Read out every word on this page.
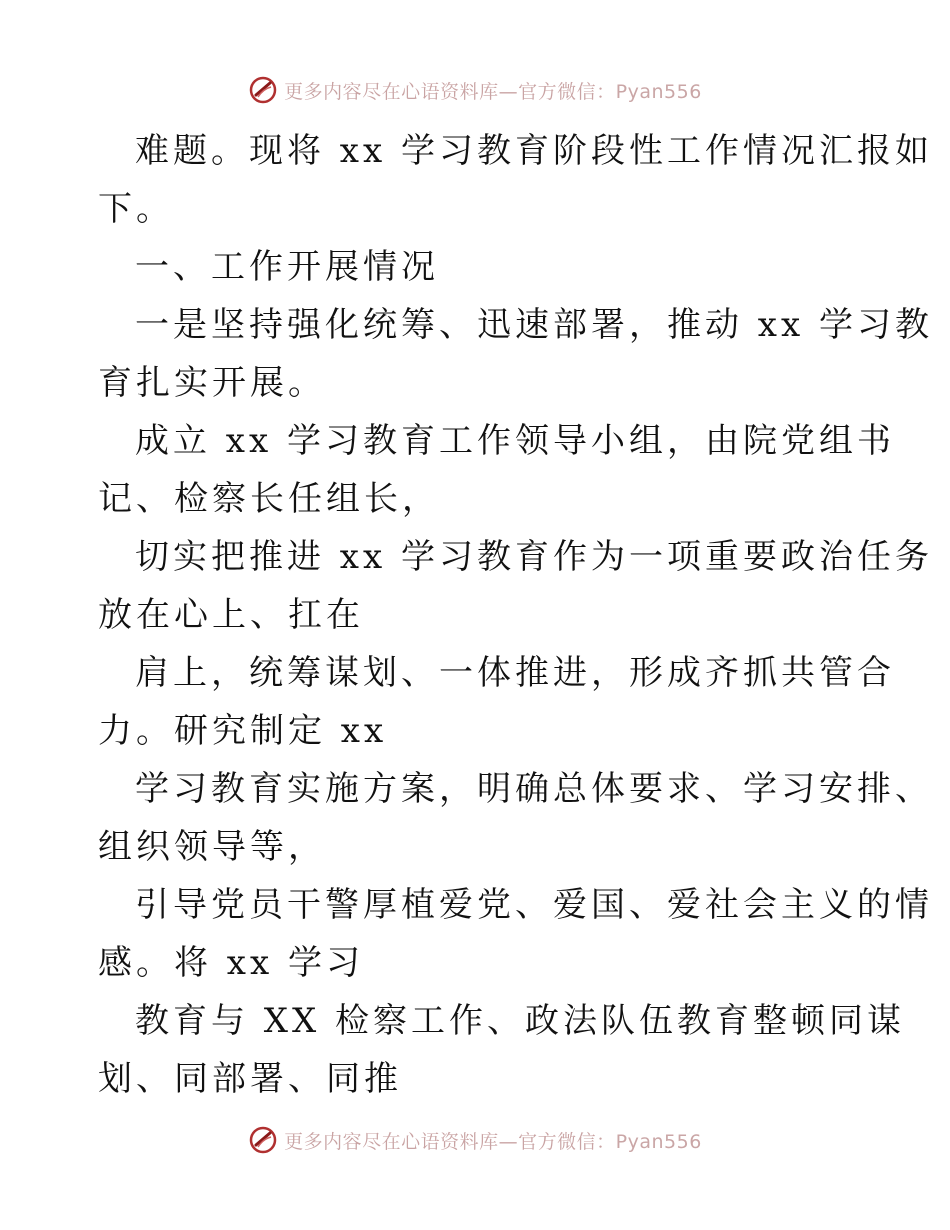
更多内容尽在心语资料库—官方微信：Pyan556
难题。现将 xx 学习教育阶段性工作情况汇报如
下。
一、工作开展情况
一是坚持强化统筹、迅速部署，推动 xx 学习教
育扎实开展。
成立 xx 学习教育工作领导小组，由院党组书
记、检察长任组长，
切实把推进 xx 学习教育作为一项重要政治任务
放在心上、扛在
肩上，统筹谋划、一体推进，形成齐抓共管合
力。研究制定 xx
学习教育实施方案，明确总体要求、学习安排、
组织领导等，
引导党员干警厚植爱党、爱国、爱社会主义的情
感。将 xx 学习
教育与 XX 检察工作、政法队伍教育整顿同谋
划、同部署、同推
更多内容尽在心语资料库—官方微信：Pyan556
